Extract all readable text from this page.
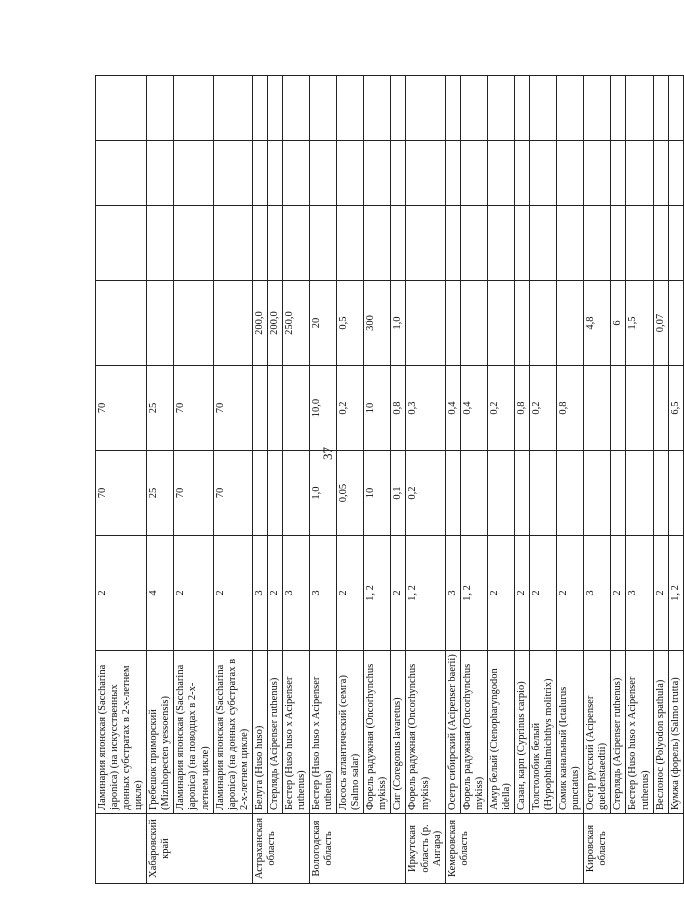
37
	Ламинария японская (Saccharina japonica) (на искусственных донных субстратах в 2-х-летнем цикле)	2	70	70				
Хабаровский край	Гребешок приморский (Mizuhopecten yessoensis)	4	25	25				
	Ламинария японская (Saccharina japonica) (на поводцах в 2-х-летнем цикле)	2	70	70				
	Ламинария японская (Saccharina japonica) (на донных субстратах в 2-х-летнем цикле)	2	70	70				
Астраханская область	Белуга (Huso huso)	3			200,0			
	Стерлядь (Acipenser ruthenus)	2			200,0			
	Бестер (Huso huso x Acipenser ruthenus)	3			250,0			
Вологодская область	Бестер (Huso huso x Acipenser ruthenus)	3	1,0	10,0	20			
	Лосось атлантический (семга) (Salmo salar)	2	0,05	0,2	0,5			
	Форель радужная (Oncorhynchus mykiss)	1, 2	10	10	300			
	Сиг (Coregonus lavaretus)	2	0,1	0,8	1,0			
Иркутская область (р. Ангара)	Форель радужная (Oncorhynchus mykiss)	1, 2	0,2	0,3				
Кемеровская область	Осетр сибирский (Acipenser baerii)	3		0,4				
	Форель радужная (Oncorhynchus mykiss)	1, 2		0,4				
	Амур белый (Ctenopharyngodon idella)	2		0,2				
	Сазан, карп (Cyprinus carpio)	2		0,8				
	Толстолобик белый (Hypophthalmichthys molitrix)	2		0,2				
	Сомик канальный (Ictalurus punctatus)	2		0,8				
Кировская область	Осетр русский (Acipenser gueldenstaedtii)	3			4,8			
	Стерлядь (Acipenser ruthenus)	2			6			
	Бестер (Huso huso x Acipenser ruthenus)	3			1,5			
	Веслонос (Polyodon spathula)	2			0,07			
	Кумжа (форель) (Salmo trutta)	1, 2		6,5				
